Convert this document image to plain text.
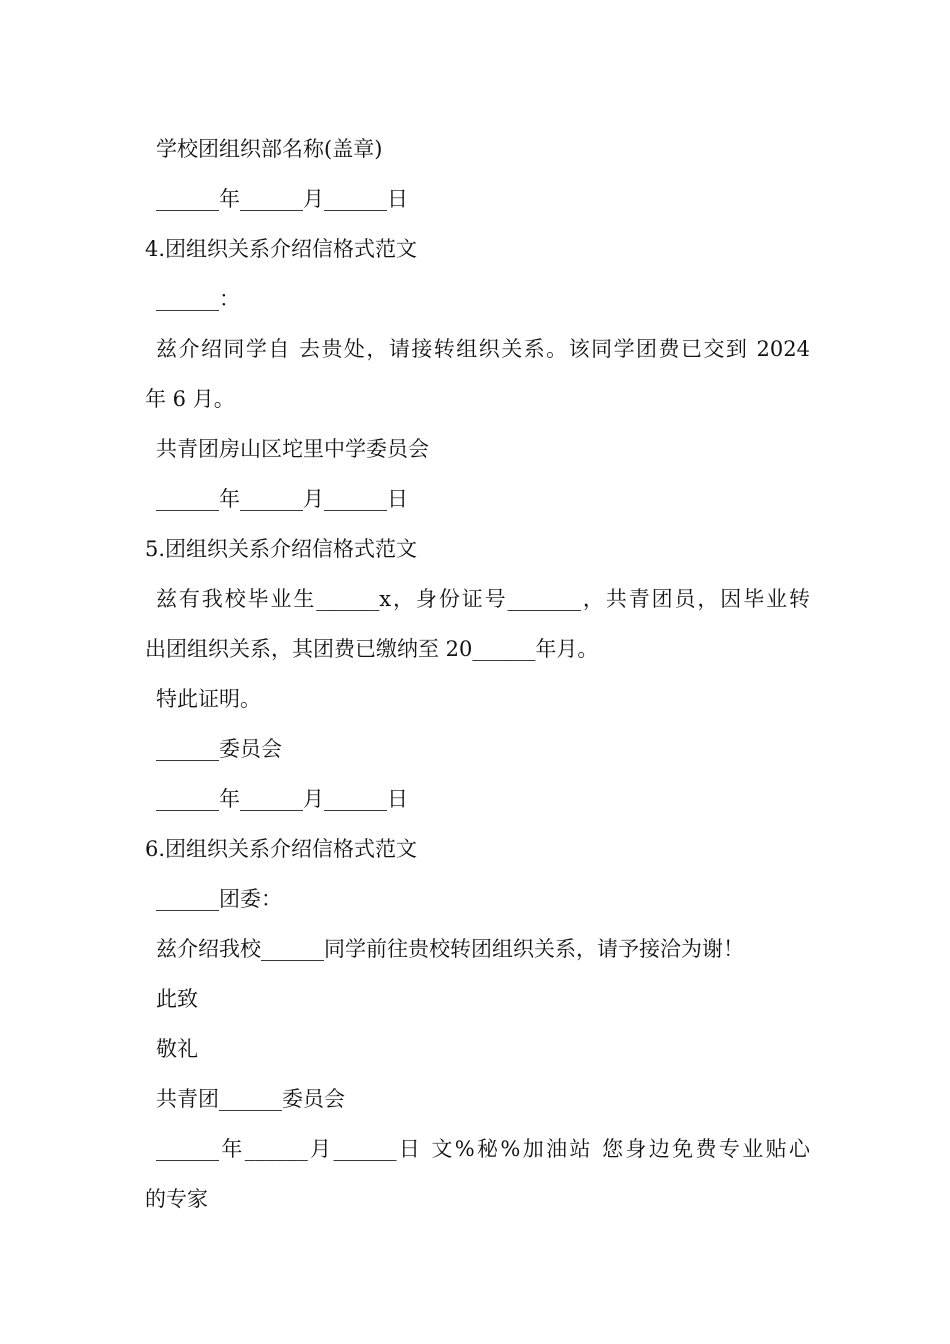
学校团组织部名称(盖章)
______年______月______日
4.团组织关系介绍信格式范文
______：
兹介绍同学自 去贵处，请接转组织关系。该同学团费已交到 2024
年 6 月。
共青团房山区坨里中学委员会
______年______月______日
5.团组织关系介绍信格式范文
兹有我校毕业生______x，身份证号_______，共青团员，因毕业转
出团组织关系，其团费已缴纳至 20______年月。
特此证明。
______委员会
______年______月______日
6.团组织关系介绍信格式范文
______团委：
兹介绍我校______同学前往贵校转团组织关系，请予接洽为谢！
此致
敬礼
共青团______委员会
______年______月______日 文%秘%加油站 您身边免费专业贴心
的专家
